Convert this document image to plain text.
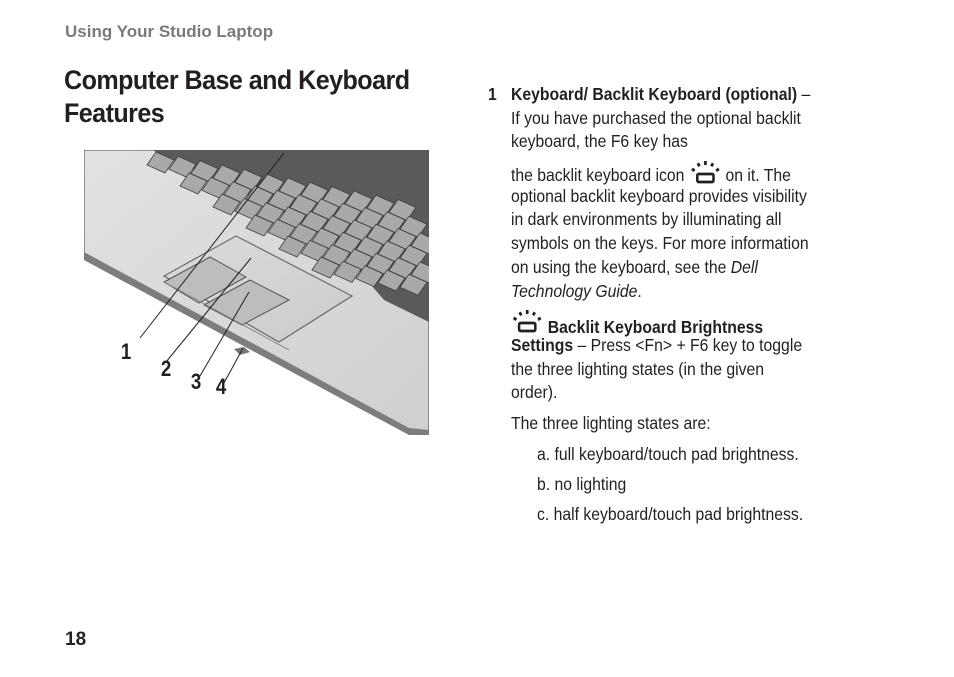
Using Your Studio Laptop
Computer Base and Keyboard
Features
1
2
3 4
1 Keyboard/ Backlit Keyboard (optional) –
If you have purchased the optional backlit
keyboard, the F6 key has
the backlit keyboard icon on it. The
optional backlit keyboard provides visibility
in dark environments by illuminating all
symbols on the keys. For more information
on using the keyboard, see the Dell
Technology Guide.
Backlit Keyboard Brightness
Settings – Press <Fn> + F6 key to toggle
the three lighting states (in the given
order).
The three lighting states are:
a. full keyboard/touch pad brightness.
b. no lighting
c. half keyboard/touch pad brightness.
18
